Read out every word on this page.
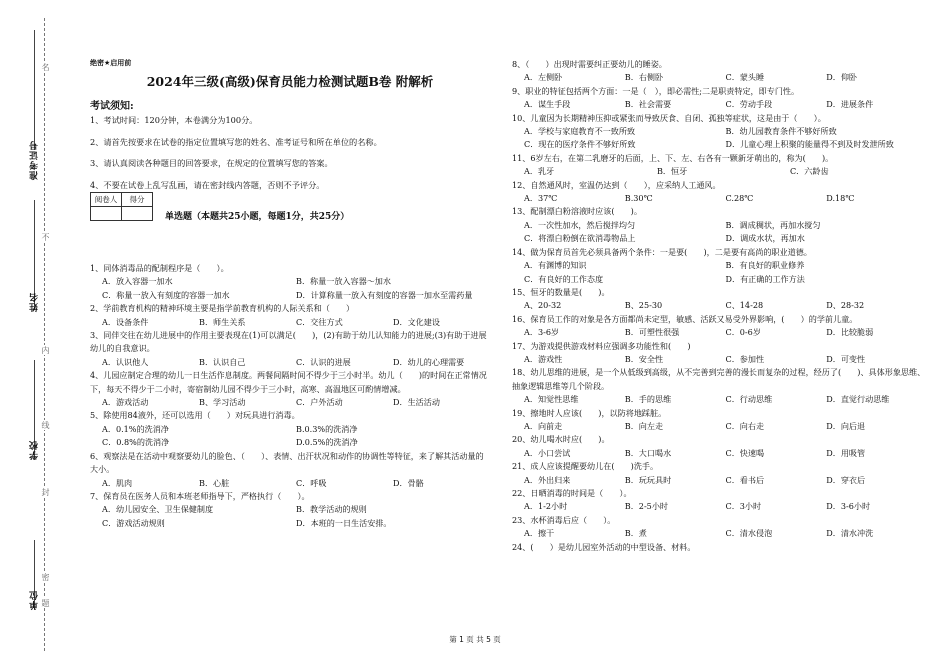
准考证号
姓名
学校
单位
名
不
内
线
封
密
题
绝密★启用前
2024年三级(高级)保育员能力检测试题B卷 附解析
考试须知:
1、考试时间：120分钟，本卷满分为100分。
2、请首先按要求在试卷的指定位置填写您的姓名、准考证号和所在单位的名称。
3、请认真阅读各种题目的回答要求，在规定的位置填写您的答案。
4、不要在试卷上乱写乱画，请在密封线内答题，否则不予评分。
阅卷人	得分

单选题（本题共25小题，每题1分，共25分）
1、同体消毒品的配制程序是（　　）。
A．放入容器一加水	B．称量一放入容器～加水
C．称量一放入有刻度的容器一加水	D．计算称量一放入有刻度的容器一加水至需药量
2、学前教育机构的精神环境主要是指学前教育机构的人际关系和（　　）
A．设备条件	B．师生关系	C．交往方式	D．文化建设
3、同伴交往在幼儿进展中的作用主要表现在(1)可以满足(　　)，(2)有助于幼儿认知能力的进展;(3)有助于进展幼儿的自我意识。
A．认识他人	B．认识自己	C．认识的进展	D．幼儿的心理需要
4、儿园应制定合理的幼儿一日生活作息制度。两餐间隔时间不得少于三小时半。幼儿（　　)的时间在正常情况下，每天不得少于二小时，寄宿制幼儿园不得少于三小时，高寒、高温地区可酌情增减。
A．游戏活动	B、学习活动	C．户外活动	D．生活活动
5、除使用84液外，还可以选用（　　）对玩具进行消毒。
A．0.1%的洗消净	B.0.3%的洗消净
C．0.8%的洗消净	D.0.5%的洗消净
6、观察法是在活动中观察要幼儿的脸色、（　　）、表情、出汗状况和动作的协调性等特征，来了解其活动量的大小。
A．肌肉	B．心脏	C．呼吸	D．骨骼
7、保育员在医务人员和本班老师指导下，严格执行（　　）。
A．幼儿园安全、卫生保健制度	B．教学活动的规则
C．游戏活动规则	D．本班的一日生活安排。
8、（　　）出现时需要纠正要幼儿的睡姿。
A．左侧卧	B．右侧卧	C．蒙头睡	D．仰卧
9、职业的特征包括两个方面：一是（　），即必需性;二是职责特定，即专门性。
A．谋生手段	B．社会需要	C．劳动手段	D．进展条件
10、儿童因为长期精神压抑或紧张而导致厌食、自闭、孤独等症状，这是由于（　　）。
A．学校与家庭教育不一致所致	B．幼儿园教育条件不够好所致
C．现在的医疗条件不够好所致	D．儿童心理上积聚的能量得不到及时发泄所致
11、6岁左右，在第二乳磨牙的后面，上、下、左、右各有一颗新牙萌出的，称为(　　)。
A．乳牙	B．恒牙	C．六龄齿
12、自然通风时，室温仍达到（　　），应采纳人工通风。
A．37℃	B.30℃	C.28℃	D.18℃
13、配制漂白粉溶液时应该(　　)。
A．一次性加水，然后搅拌均匀	B．调成稠状，再加水搅匀
C．将漂白粉倒在欲消毒物品上	D．调成水状，再加水
14、做为保育员首先必须具备两个条件：一是要(　　)，二是要有高尚的职业道德。
A．有渊博的知识	B．有良好的职业修养
C．有良好的工作态度	D．有正确的工作方法
15、恒牙的数量是(　　)。
A、20-32	B、25-30	C、14-28	D、28-32
16、保育员工作的对象是各方面都尚未定型，敏感、活跃又易受外界影响，(　　）的学前儿童。
A．3-6岁	B．可塑性很强	C．0-6岁	D．比较脆弱
17、为游戏提供游戏材料应强调多功能性和(　　)
A．游戏性	B．安全性	C．参加性	D．可变性
18、幼儿思维的进展，是一个从低级到高级，从不完善到完善的漫长而复杂的过程，经历了(　　)、具体形象思维、抽象逻辑思维等几个阶段。
A．知觉性思维	B．手的思维	C．行动思维	D．直觉行动思维
19、擦地时人应该(　　)，以防将地踩脏。
A．向前走	B．向左走	C．向右走	D．向后退
20、幼儿喝水时应(　　)。
A．小口尝试	B．大口喝水	C．快速喝	D．用吸管
21、成人应该提醒要幼儿在(　　)洗手。
A．外出归来	B．玩玩具时	C．看书后	D．穿衣后
22、日晒消毒的时间是（　　）。
A．1-2小时	B．2-5小时	C．3小时	D．3-6小时
23、水杯消毒后应（　　）。
A．擦干	B．煮	C．清水侵泡	D．清水冲洗
24、(　　）是幼儿园室外活动的中型设备、材料。
第 1 页 共 5 页
